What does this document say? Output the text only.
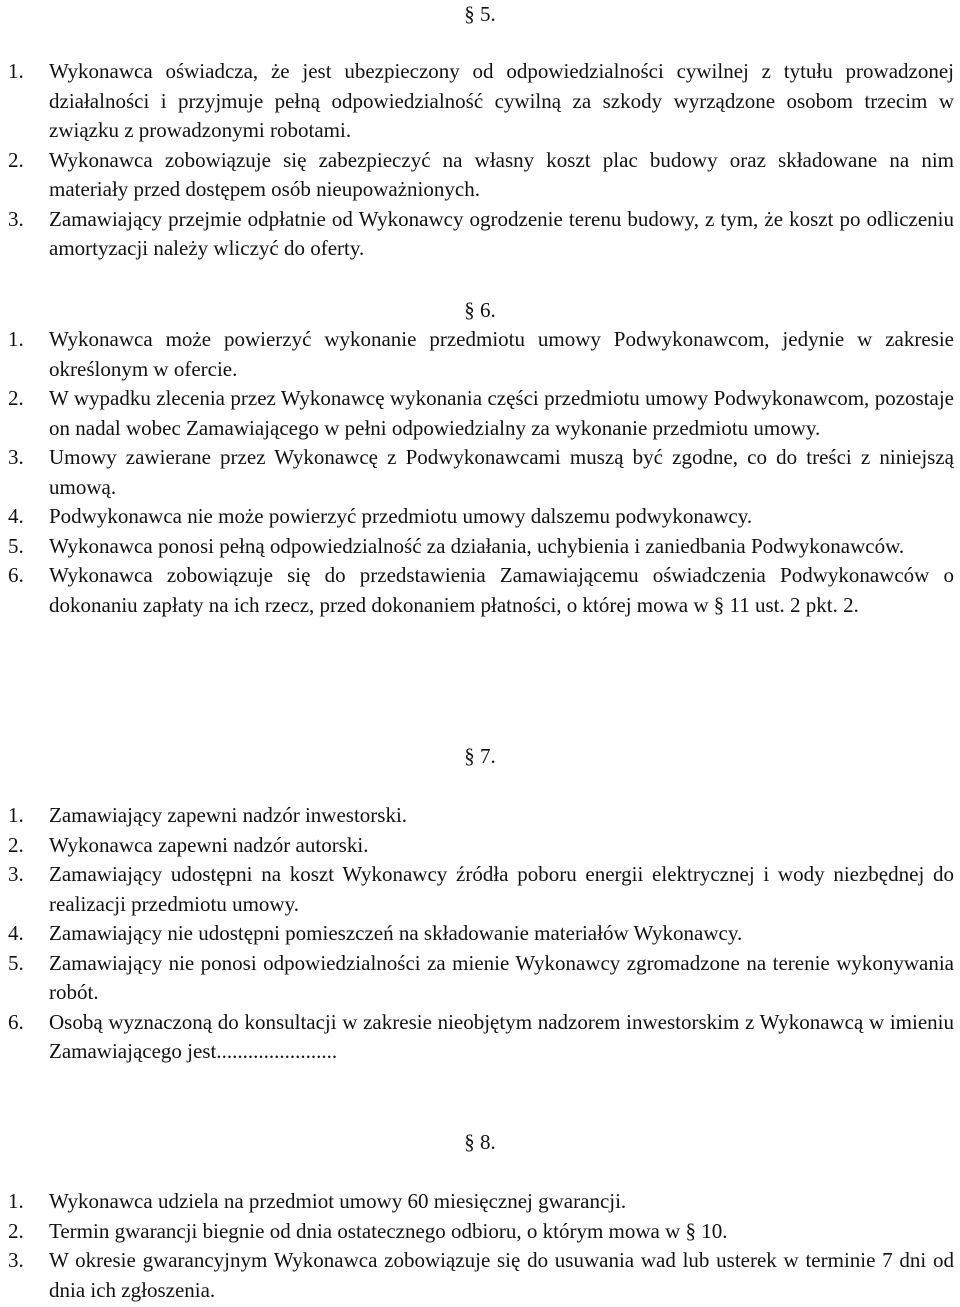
§ 5.
1. Wykonawca oświadcza, że jest ubezpieczony od odpowiedzialności cywilnej z tytułu prowadzonej działalności i przyjmuje pełną odpowiedzialność cywilną za szkody wyrządzone osobom trzecim w związku z prowadzonymi robotami.
2. Wykonawca zobowiązuje się zabezpieczyć na własny koszt plac budowy oraz składowane na nim materiały przed dostępem osób nieupoważnionych.
3. Zamawiający przejmie odpłatnie od Wykonawcy ogrodzenie terenu budowy, z tym, że koszt po odliczeniu amortyzacji należy wliczyć do oferty.
§ 6.
1. Wykonawca może powierzyć wykonanie przedmiotu umowy Podwykonawcom, jedynie w zakresie określonym w ofercie.
2. W wypadku zlecenia przez Wykonawcę wykonania części przedmiotu umowy Podwykonawcom, pozostaje on nadal wobec Zamawiającego w pełni odpowiedzialny za wykonanie przedmiotu umowy.
3. Umowy zawierane przez Wykonawcę z Podwykonawcami muszą być zgodne, co do treści z niniejszą umową.
4. Podwykonawca nie może powierzyć przedmiotu umowy dalszemu podwykonawcy.
5. Wykonawca ponosi pełną odpowiedzialność za działania, uchybienia i zaniedbania Podwykonawców.
6. Wykonawca zobowiązuje się do przedstawienia Zamawiającemu oświadczenia Podwykonawców o dokonaniu zapłaty na ich rzecz, przed dokonaniem płatności, o której mowa w § 11 ust. 2 pkt. 2.
§ 7.
1. Zamawiający zapewni nadzór inwestorski.
2. Wykonawca zapewni nadzór autorski.
3. Zamawiający udostępni na koszt Wykonawcy źródła poboru energii elektrycznej i wody niezbędnej do realizacji przedmiotu umowy.
4. Zamawiający nie udostępni pomieszczeń na składowanie materiałów Wykonawcy.
5. Zamawiający nie ponosi odpowiedzialności za mienie Wykonawcy zgromadzone na terenie wykonywania robót.
6. Osobą wyznaczoną do konsultacji w zakresie nieobjętym nadzorem inwestorskim z Wykonawcą w imieniu Zamawiającego jest.......................
§ 8.
1. Wykonawca udziela na przedmiot umowy 60 miesięcznej gwarancji.
2. Termin gwarancji biegnie od dnia ostatecznego odbioru, o którym mowa w § 10.
3. W okresie gwarancyjnym Wykonawca zobowiązuje się do usuwania wad lub usterek w terminie 7 dni od dnia ich zgłoszenia.
